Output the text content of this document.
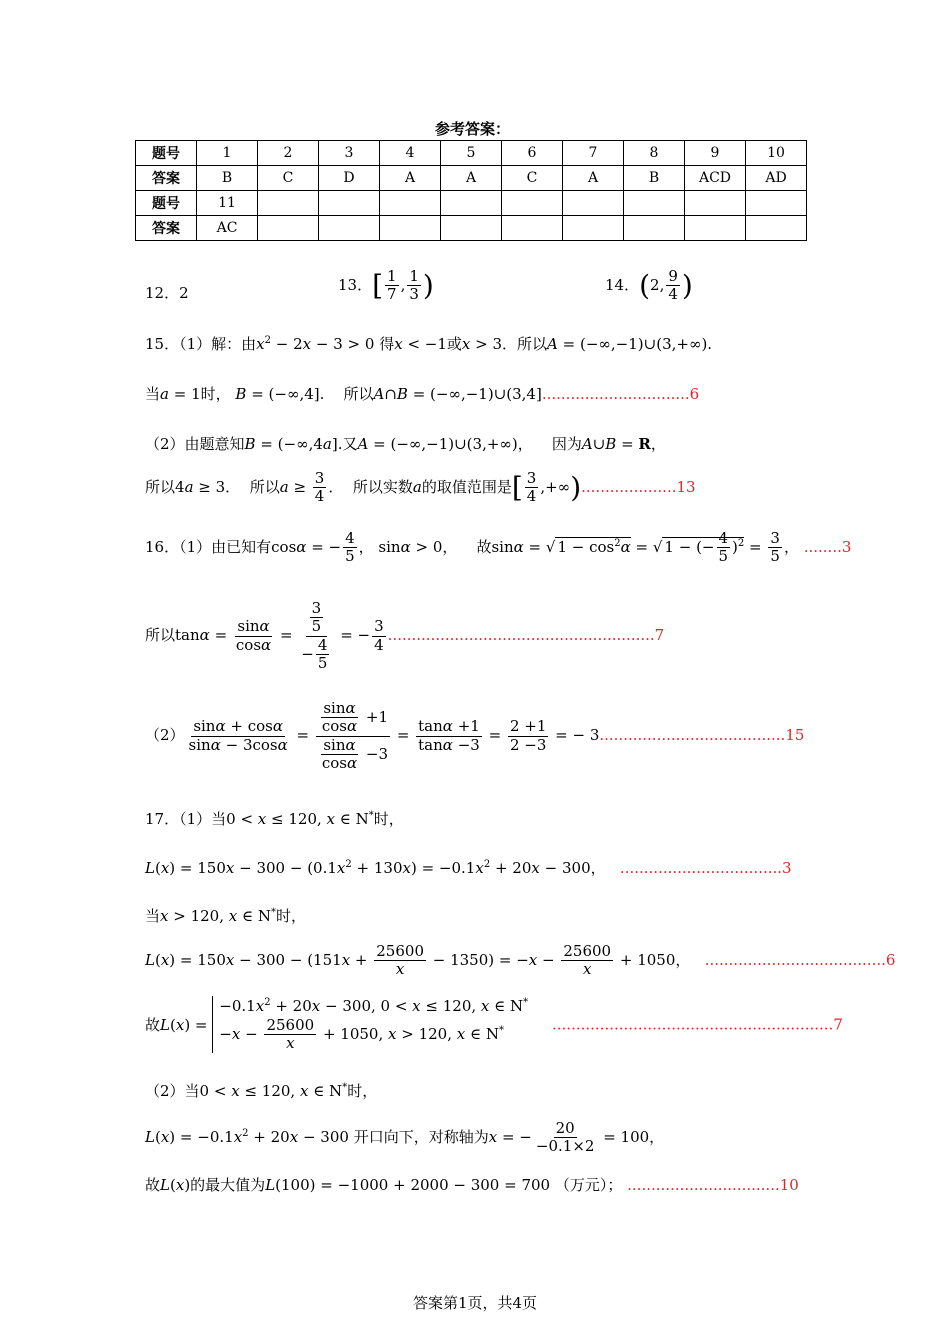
参考答案：
题号	1	2	3	4	5	6	7	8	9	10
答案	B	C	D	A	A	C	A	B	ACD	AD
题号	11									
答案	AC									
12．2	13．[ $\frac{1}{7}$ , $\frac{1}{3}$ )	14．(2, $\frac{9}{4}$ )
15．（1）解：由$x^2 - 2x - 3 > 0$ 得x < −1或x > 3．所以A = (−∞,−1)∪(3,+∞).
当a = 1时， B = (−∞,4].    所以A∩B = (−∞,−1)∪(3,4]...............................6
（2）由题意知B = (−∞,4a].又A = (−∞,−1)∪(3,+∞)，    因为A∪B = R，
所以4a ≥ 3．  所以$a \ge \frac{3}{4}$ ．  所以实数a的取值范围是[ $\frac{3}{4} ,+\infty)....................13$
16．（1）由已知有cosα = − $\frac{4}{5}$ ， sinα > 0，    故sinα = √ $1 - \cos^2\alpha$ = √ 1 − (− $\frac{4}{5} )^2 = \frac{3}{5}$ ， ........3
所以$\tan\alpha = \frac{\sin\alpha}{\cos\alpha} = \frac{\frac{3}{5}}{- \frac{4}{5}}$ = − $\frac{3}{4} ........................................................7$
$(2) \frac{\sin\alpha + \cos\alpha}{\sin\alpha - 3\cos\alpha} = \frac{\frac{\sin\alpha}{\cos\alpha} +1}{\frac{\sin\alpha}{\cos\alpha} -3} = \frac{\tan\alpha +1}{\tan\alpha -3} = \frac{2 +1}{2 -3}$ = − 3.......................................15
17．（1）当0 < x ≤ 120, x ∈ N*时，
$L(x) = 150x - 300 - (0.1x^2 + 130x) = -0.1x^2 + 20x - 300$，   ..................................3
当x > 120, x ∈ N*时，
$L(x) = 150x - 300 - (151x + \frac{25600}{x} - 1350) = -x - \frac{25600}{x} + 1050$，   ......................................6
故$L(x) = -0.1x^2 + 20x - 300$, 0 < x ≤ 120, x ∈ N*
$-x - \frac{25600}{x} + 1050$, x > 120, x ∈ N*	...........................................................7
（2）当0 < x ≤ 120, x ∈ N*时，
$L(x) = -0.1x^2 + 20x - 300$ 开口向下，对称轴为x = − $\frac{20}{-0.1\times 2} = 100$，
故L(x)的最大值为L(100) = −1000 + 2000 − 300 = 700 （万元）； ................................10
答案第1页，共4页
